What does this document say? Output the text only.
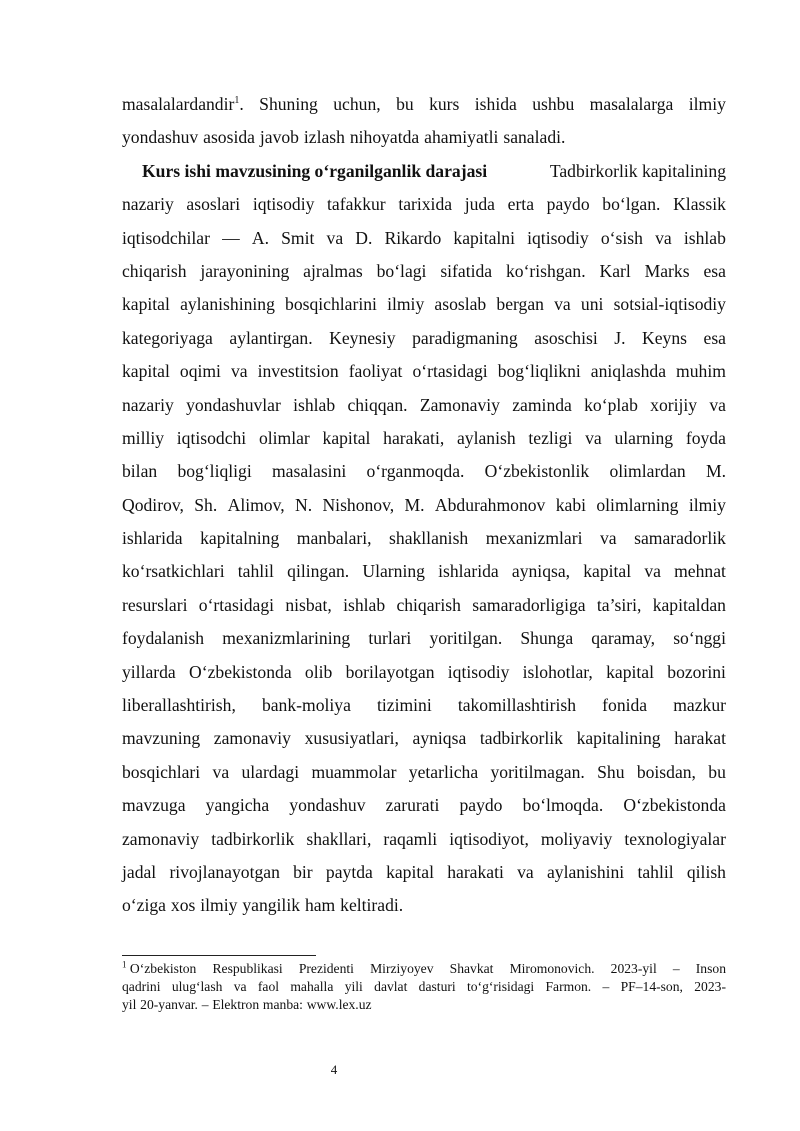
masalalardandir$^1$. Shuning uchun, bu kurs ishida ushbu masalalarga ilmiy
yondashuv asosida javob izlash nihoyatda ahamiyatli sanaladi.
Kurs ishi mavzusining o‘rganilganlik darajasi	Tadbirkorlik kapitalining
nazariy asoslari iqtisodiy tafakkur tarixida juda erta paydo bo‘lgan. Klassik
iqtisodchilar — A. Smit va D. Rikardo kapitalni iqtisodiy o‘sish va ishlab
chiqarish jarayonining ajralmas bo‘lagi sifatida ko‘rishgan. Karl Marks esa
kapital aylanishining bosqichlarini ilmiy asoslab bergan va uni sotsial-iqtisodiy
kategoriyaga aylantirgan. Keynesiy paradigmaning asoschisi J. Keyns esa
kapital oqimi va investitsion faoliyat o‘rtasidagi bog‘liqlikni aniqlashda muhim
nazariy yondashuvlar ishlab chiqqan. Zamonaviy zaminda ko‘plab xorijiy va
milliy iqtisodchi olimlar kapital harakati, aylanish tezligi va ularning foyda
bilan bog‘liqligi masalasini o‘rganmoqda. O‘zbekistonlik olimlardan M.
Qodirov, Sh. Alimov, N. Nishonov, M. Abdurahmonov kabi olimlarning ilmiy
ishlarida kapitalning manbalari, shakllanish mexanizmlari va samaradorlik
ko‘rsatkichlari tahlil qilingan. Ularning ishlarida ayniqsa, kapital va mehnat
resurslari o‘rtasidagi nisbat, ishlab chiqarish samaradorligiga ta’siri, kapitaldan
foydalanish mexanizmlarining turlari yoritilgan. Shunga qaramay, so‘nggi
yillarda O‘zbekistonda olib borilayotgan iqtisodiy islohotlar, kapital bozorini
liberallashtirish, bank-moliya tizimini takomillashtirish fonida mazkur
mavzuning zamonaviy xususiyatlari, ayniqsa tadbirkorlik kapitalining harakat
bosqichlari va ulardagi muammolar yetarlicha yoritilmagan. Shu boisdan, bu
mavzuga yangicha yondashuv zarurati paydo bo‘lmoqda. O‘zbekistonda
zamonaviy tadbirkorlik shakllari, raqamli iqtisodiyot, moliyaviy texnologiyalar
jadal rivojlanayotgan bir paytda kapital harakati va aylanishini tahlil qilish
o‘ziga xos ilmiy yangilik ham keltiradi.
$^1$ O‘zbekiston Respublikasi Prezidenti Mirziyoyev Shavkat Miromonovich. 2023-yil – Inson
qadrini ulug‘lash va faol mahalla yili davlat dasturi to‘g‘risidagi Farmon. – PF–14-son, 2023-
yil 20-yanvar. – Elektron manba: www.lex.uz
4
